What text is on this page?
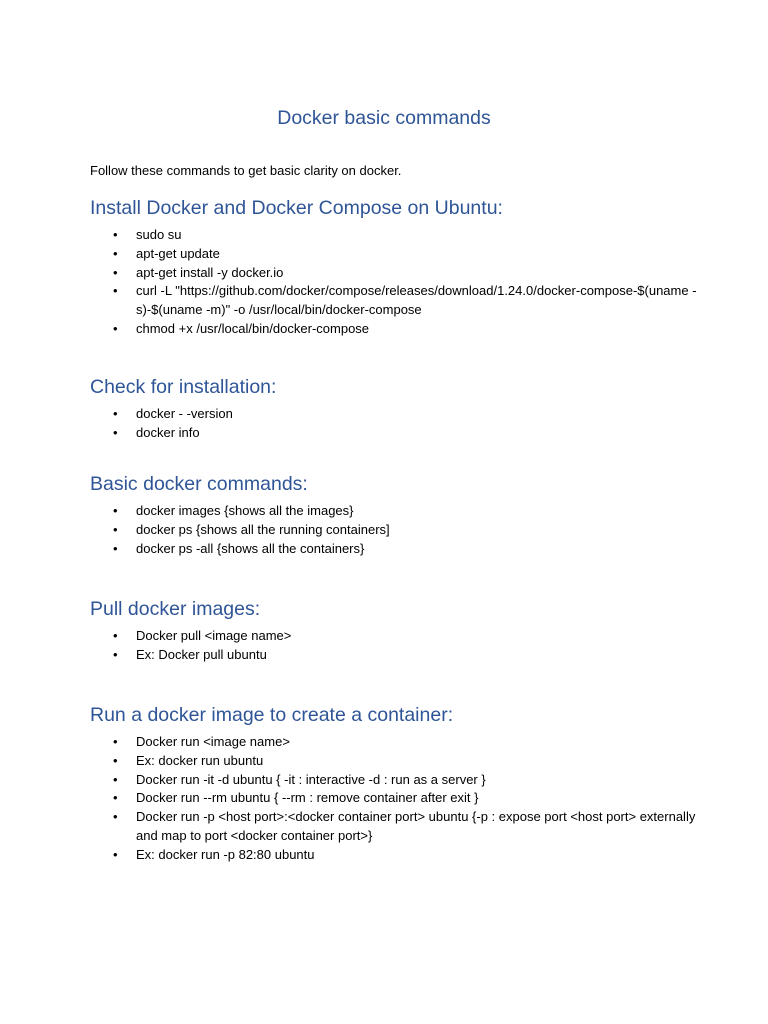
Docker basic commands

Follow these commands to get basic clarity on docker.

Install Docker and Docker Compose on Ubuntu:
• sudo su
• apt-get update
• apt-get install -y docker.io
• curl -L "https://github.com/docker/compose/releases/download/1.24.0/docker-compose-$(uname -s)-$(uname -m)" -o /usr/local/bin/docker-compose
• chmod +x /usr/local/bin/docker-compose
Check for installation:
• docker - -version
• docker info
Basic docker commands:
• docker images {shows all the images}
• docker ps {shows all the running containers]
• docker ps -all {shows all the containers}
Pull docker images:
• Docker pull <image name>
• Ex: Docker pull ubuntu
Run a docker image to create a container:
• Docker run <image name>
• Ex: docker run ubuntu
• Docker run -it -d ubuntu { -it : interactive -d : run as a server }
• Docker run --rm ubuntu { --rm : remove container after exit }
• Docker run -p <host port>:<docker container port> ubuntu {-p : expose port <host port> externally and map to port <docker container port>}
• Ex: docker run -p 82:80 ubuntu
